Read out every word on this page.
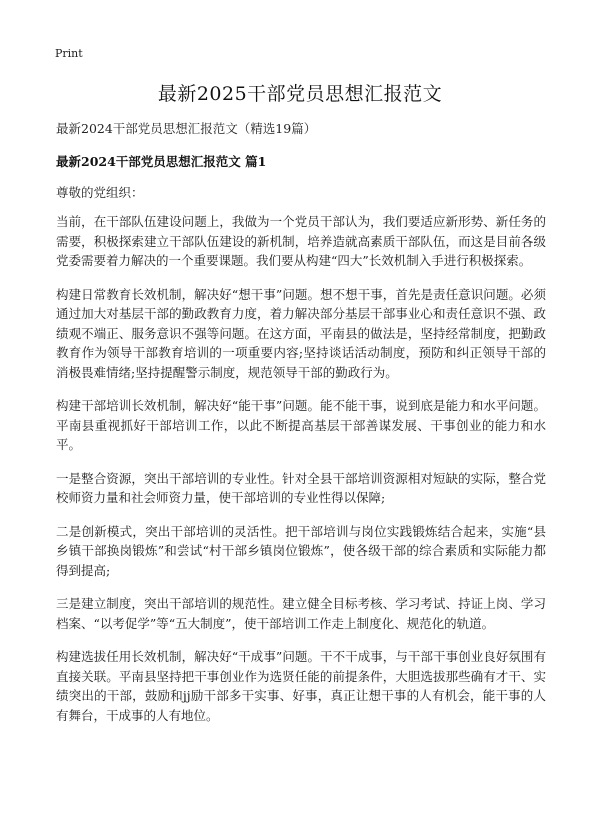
Print
最新2025干部党员思想汇报范文
最新2024干部党员思想汇报范文（精选19篇）
最新2024干部党员思想汇报范文 篇1
尊敬的党组织：

当前，在干部队伍建设问题上，我做为一个党员干部认为，我们要适应新形势、新任务的需要，积极探索建立干部队伍建设的新机制，培养造就高素质干部队伍，而这是目前各级党委需要着力解决的一个重要课题。我们要从构建“四大”长效机制入手进行积极探索。

构建日常教育长效机制，解决好“想干事”问题。想不想干事，首先是责任意识问题。必须通过加大对基层干部的勤政教育力度，着力解决部分基层干部事业心和责任意识不强、政绩观不端正、服务意识不强等问题。在这方面，平南县的做法是，坚持经常制度，把勤政教育作为领导干部教育培训的一项重要内容;坚持谈话活动制度，预防和纠正领导干部的消极畏难情绪;坚持提醒警示制度，规范领导干部的勤政行为。

构建干部培训长效机制，解决好“能干事”问题。能不能干事，说到底是能力和水平问题。平南县重视抓好干部培训工作，以此不断提高基层干部善谋发展、干事创业的能力和水平。

一是整合资源，突出干部培训的专业性。针对全县干部培训资源相对短缺的实际，整合党校师资力量和社会师资力量，使干部培训的专业性得以保障;

二是创新模式，突出干部培训的灵活性。把干部培训与岗位实践锻炼结合起来，实施“县乡镇干部换岗锻炼”和尝试“村干部乡镇岗位锻炼”，使各级干部的综合素质和实际能力都得到提高;

三是建立制度，突出干部培训的规范性。建立健全目标考核、学习考试、持证上岗、学习档案、“以考促学”等“五大制度”，使干部培训工作走上制度化、规范化的轨道。

构建选拔任用长效机制，解决好“干成事”问题。干不干成事，与干部干事创业良好氛围有直接关联。平南县坚持把干事创业作为选贤任能的前提条件，大胆选拔那些确有才干、实绩突出的干部，鼓励和jj励干部多干实事、好事，真正让想干事的人有机会，能干事的人有舞台，干成事的人有地位。
